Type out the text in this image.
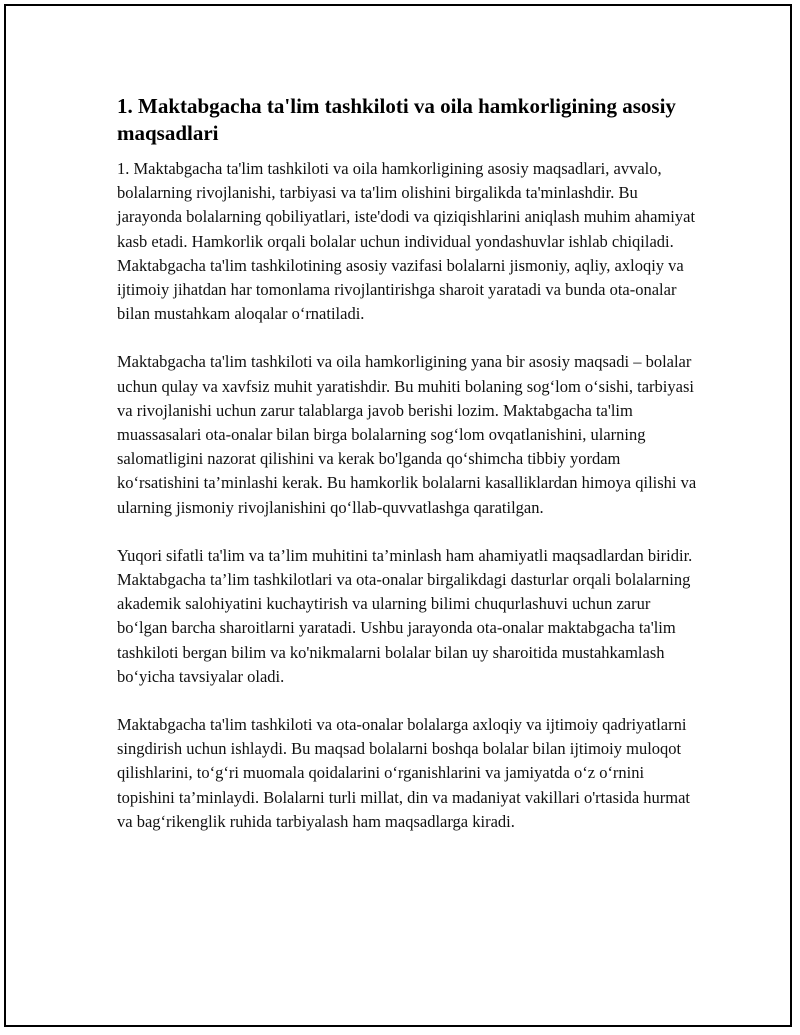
1. Maktabgacha ta'lim tashkiloti va oila hamkorligining asosiy maqsadlari

1. Maktabgacha ta'lim tashkiloti va oila hamkorligining asosiy maqsadlari, avvalo, bolalarning rivojlanishi, tarbiyasi va ta'lim olishini birgalikda ta'minlashdir. Bu jarayonda bolalarning qobiliyatlari, iste'dodi va qiziqishlarini aniqlash muhim ahamiyat kasb etadi. Hamkorlik orqali bolalar uchun individual yondashuvlar ishlab chiqiladi. Maktabgacha ta'lim tashkilotining asosiy vazifasi bolalarni jismoniy, aqliy, axloqiy va ijtimoiy jihatdan har tomonlama rivojlantirishga sharoit yaratadi va bunda ota-onalar bilan mustahkam aloqalar o‘rnatiladi.

Maktabgacha ta'lim tashkiloti va oila hamkorligining yana bir asosiy maqsadi – bolalar uchun qulay va xavfsiz muhit yaratishdir. Bu muhiti bolaning sog‘lom o‘sishi, tarbiyasi va rivojlanishi uchun zarur talablarga javob berishi lozim. Maktabgacha ta'lim muassasalari ota-onalar bilan birga bolalarning sog‘lom ovqatlanishini, ularning salomatligini nazorat qilishini va kerak bo'lganda qo‘shimcha tibbiy yordam ko‘rsatishini ta’minlashi kerak. Bu hamkorlik bolalarni kasalliklardan himoya qilishi va ularning jismoniy rivojlanishini qo‘llab-quvvatlashga qaratilgan.

Yuqori sifatli ta'lim va ta’lim muhitini ta’minlash ham ahamiyatli maqsadlardan biridir. Maktabgacha ta’lim tashkilotlari va ota-onalar birgalikdagi dasturlar orqali bolalarning akademik salohiyatini kuchaytirish va ularning bilimi chuqurlashuvi uchun zarur bo‘lgan barcha sharoitlarni yaratadi. Ushbu jarayonda ota-onalar maktabgacha ta'lim tashkiloti bergan bilim va ko'nikmalarni bolalar bilan uy sharoitida mustahkamlash bo‘yicha tavsiyalar oladi.

Maktabgacha ta'lim tashkiloti va ota-onalar bolalarga axloqiy va ijtimoiy qadriyatlarni singdirish uchun ishlaydi. Bu maqsad bolalarni boshqa bolalar bilan ijtimoiy muloqot qilishlarini, to‘g‘ri muomala qoidalarini o‘rganishlarini va jamiyatda o‘z o‘rnini topishini ta’minlaydi. Bolalarni turli millat, din va madaniyat vakillari o'rtasida hurmat va bag‘rikenglik ruhida tarbiyalash ham maqsadlarga kiradi.
